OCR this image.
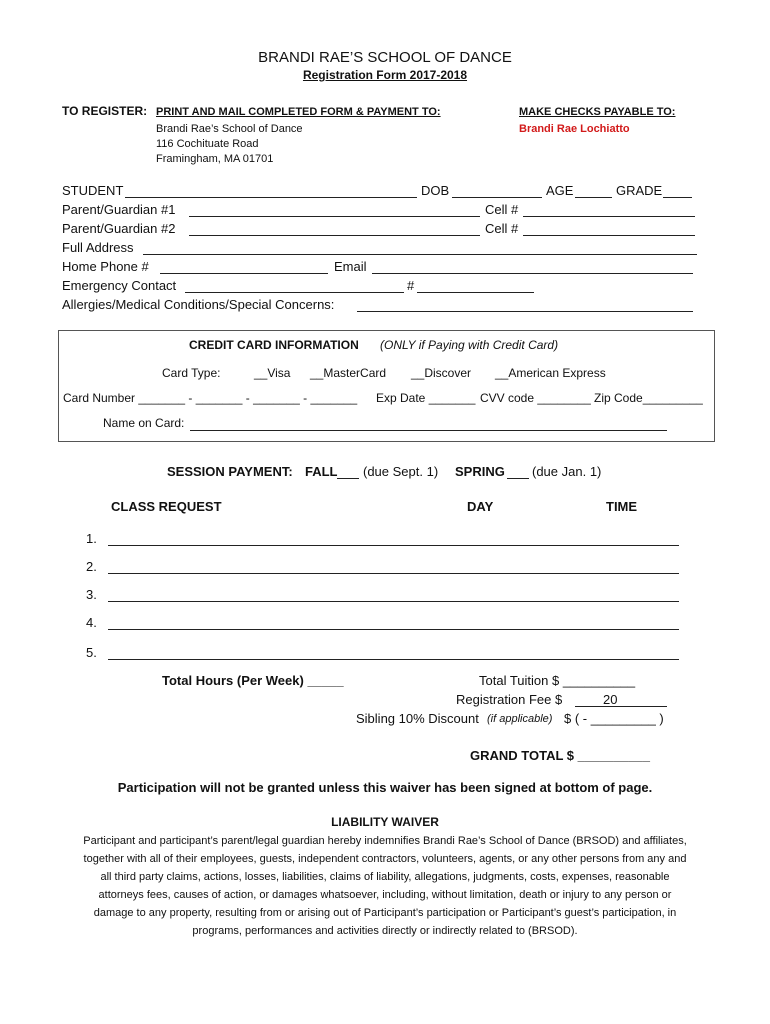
BRANDI RAE’S SCHOOL OF DANCE
Registration Form 2017-2018
TO REGISTER: PRINT AND MAIL COMPLETED FORM & PAYMENT TO:
Brandi Rae’s School of Dance
116 Cochituate Road
Framingham, MA 01701
MAKE CHECKS PAYABLE TO:
Brandi Rae Lochiatto
STUDENT	DOB	AGE	GRADE
Parent/Guardian #1	Cell #
Parent/Guardian #2	Cell #
Full Address
Home Phone #	Email
Emergency Contact	#
Allergies/Medical Conditions/Special Concerns:
CREDIT CARD INFORMATION (ONLY if Paying with Credit Card)
Card Type:	__Visa __MasterCard __Discover __American Express
Card Number _______ - _______ - _______ - _______ Exp Date _______ CVV code ________ Zip Code_________
Name on Card:
SESSION PAYMENT: FALL (due Sept. 1) SPRING (due Jan. 1)
CLASS REQUEST	DAY	TIME
1.
2.
3.
4.
5.
Total Hours (Per Week) _____	Total Tuition $ __________
Registration Fee $	20
Sibling 10% Discount (if applicable) $ ( - _________ )
GRAND TOTAL $ __________
Participation will not be granted unless this waiver has been signed at bottom of page.
LIABILITY WAIVER
Participant and participant’s parent/legal guardian hereby indemnifies Brandi Rae’s School of Dance (BRSOD) and affiliates,
together with all of their employees, guests, independent contractors, volunteers, agents, or any other persons from any and
all third party claims, actions, losses, liabilities, claims of liability, allegations, judgments, costs, expenses, reasonable
attorneys fees, causes of action, or damages whatsoever, including, without limitation, death or injury to any person or
damage to any property, resulting from or arising out of Participant’s participation or Participant’s guest’s participation, in
programs, performances and activities directly or indirectly related to (BRSOD).
